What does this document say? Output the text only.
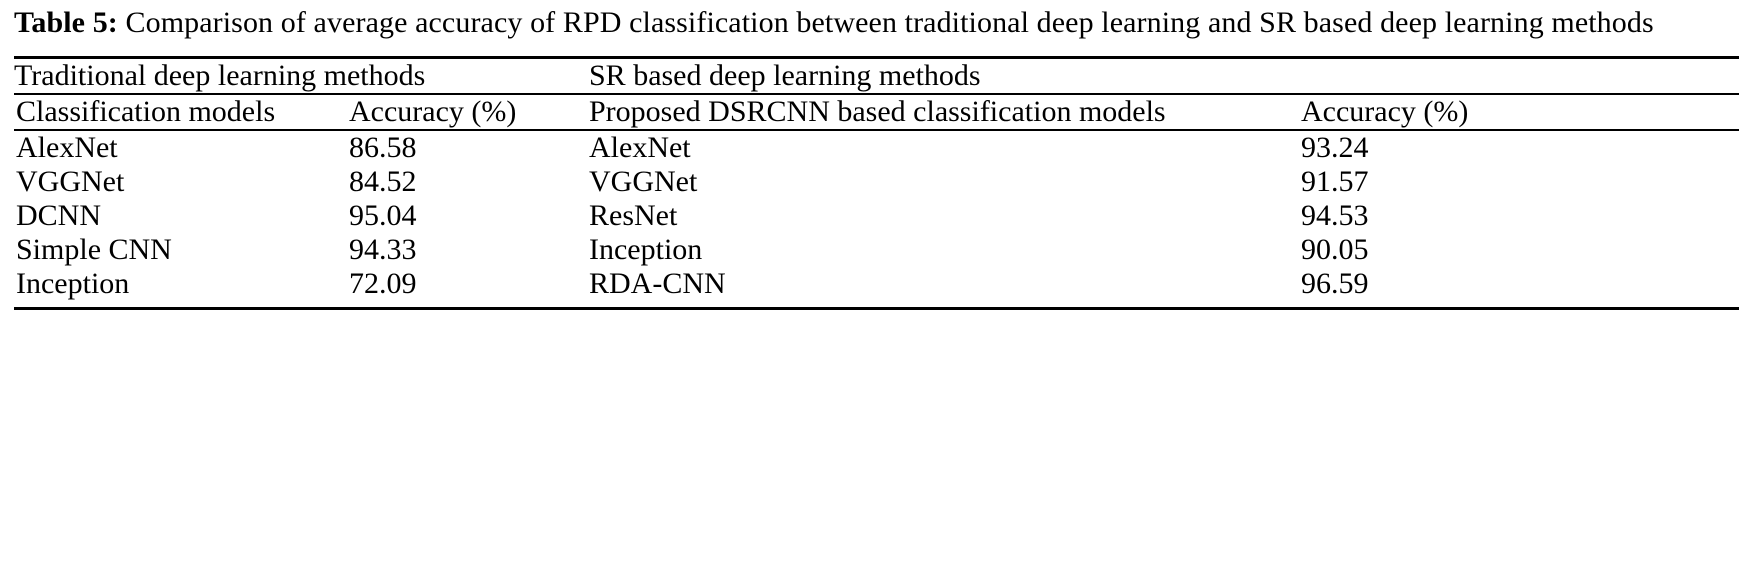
Table 5: Comparison of average accuracy of RPD classification between traditional deep learning and SR based deep learning methods

Traditional deep learning methods		SR based deep learning methods	
Classification models	Accuracy (%)	Proposed DSRCNN based classification models	Accuracy (%)

AlexNet	86.58	AlexNet	93.24
VGGNet	84.52	VGGNet	91.57
DCNN	95.04	ResNet	94.53
Simple CNN	94.33	Inception	90.05
Inception	72.09	RDA-CNN	96.59
